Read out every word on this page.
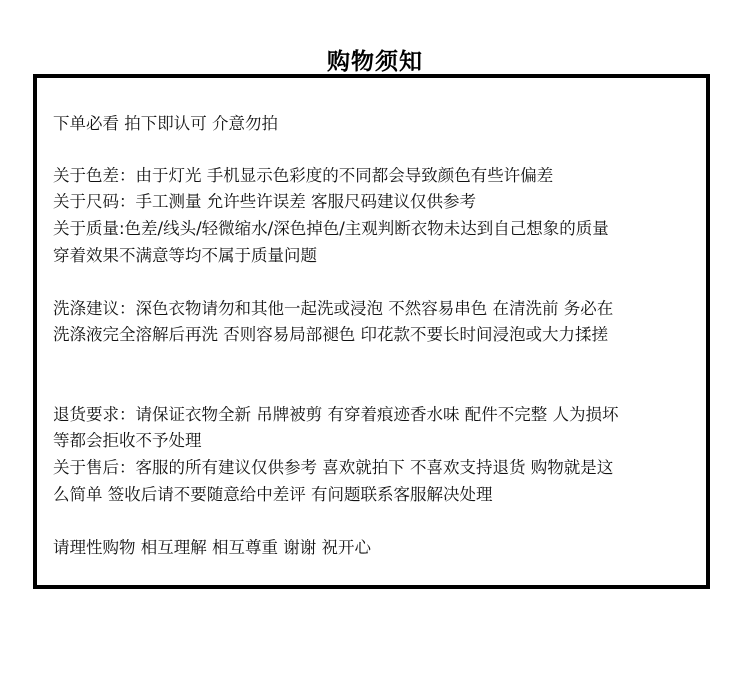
购物须知
下单必看 拍下即认可 介意勿拍
关于色差：由于灯光 手机显示色彩度的不同都会导致颜色有些许偏差
关于尺码：手工测量 允许些许误差 客服尺码建议仅供参考
关于质量:色差/线头/轻微缩水/深色掉色/主观判断衣物未达到自己想象的质量
穿着效果不满意等均不属于质量问题
洗涤建议：深色衣物请勿和其他一起洗或浸泡 不然容易串色 在清洗前 务必在
洗涤液完全溶解后再洗 否则容易局部褪色 印花款不要长时间浸泡或大力揉搓
退货要求：请保证衣物全新 吊牌被剪 有穿着痕迹香水味 配件不完整 人为损坏
等都会拒收不予处理
关于售后：客服的所有建议仅供参考 喜欢就拍下 不喜欢支持退货 购物就是这
么简单 签收后请不要随意给中差评 有问题联系客服解决处理
请理性购物 相互理解 相互尊重 谢谢 祝开心
